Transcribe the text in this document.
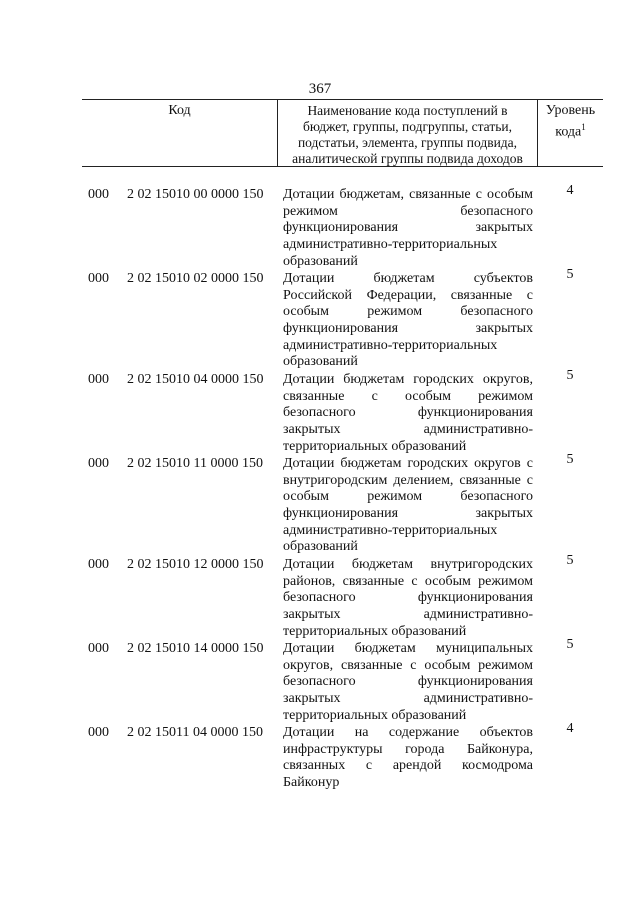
367
Код	Наименование кода поступлений в
бюджет, группы, подгруппы, статьи,
подстатьи, элемента, группы подвида,
аналитической группы подвида доходов
Уровень
кода$^1$
000 2 02 15010 00 0000 150 Дотации бюджетам, связанные с особым
режимом безопасного
функционирования закрытых
административно-территориальных
образований
4
000 2 02 15010 02 0000 150 Дотации бюджетам субъектов
Российской Федерации, связанные с
особым режимом безопасного
функционирования закрытых
административно-территориальных
образований
5
000 2 02 15010 04 0000 150 Дотации бюджетам городских округов,
связанные с особым режимом
безопасного функционирования
закрытых административно-
территориальных образований
5
000 2 02 15010 11 0000 150 Дотации бюджетам городских округов с
внутригородским делением, связанные с
особым режимом безопасного
функционирования закрытых
административно-территориальных
образований
5
000 2 02 15010 12 0000 150 Дотации бюджетам внутригородских
районов, связанные с особым режимом
безопасного функционирования
закрытых административно-
территориальных образований
5
000 2 02 15010 14 0000 150 Дотации бюджетам муниципальных
округов, связанные с особым режимом
безопасного функционирования
закрытых административно-
территориальных образований
5
000 2 02 15011 04 0000 150 Дотации на содержание объектов
инфраструктуры города Байконура,
связанных с арендой космодрома
Байконур
4
